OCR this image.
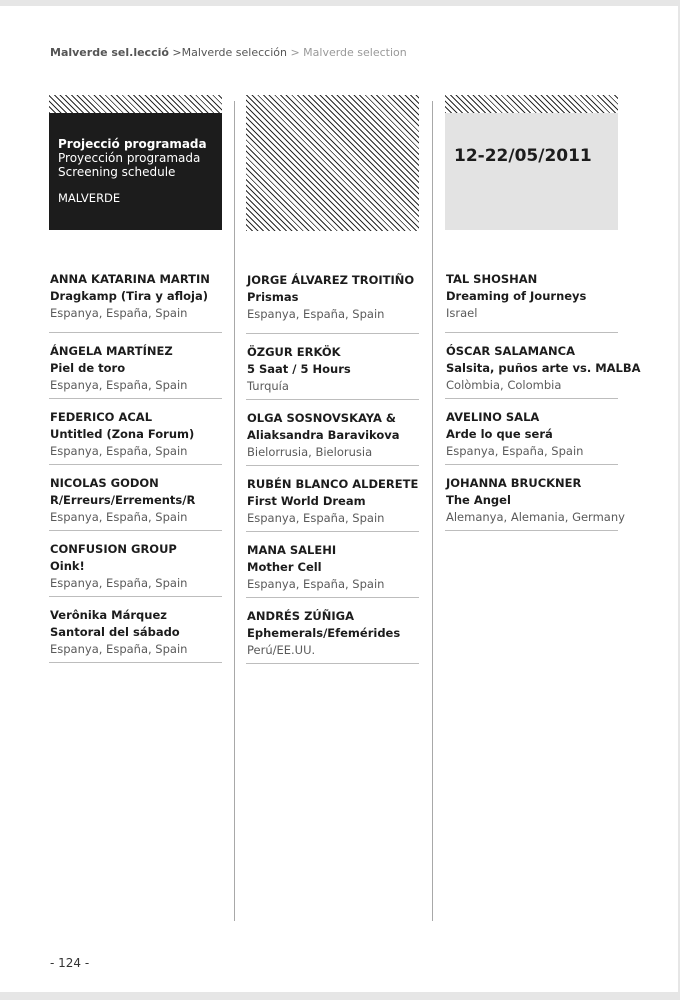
Malverde sel.lecció >Malverde selección > Malverde selection
Projecció programada
Proyección programada
Screening schedule
MALVERDE
ANNA KATARINA MARTIN
Dragkamp (Tira y afloja)
Espanya, España, Spain
ÁNGELA MARTÍNEZ
Piel de toro
Espanya, España, Spain
FEDERICO ACAL
Untitled (Zona Forum)
Espanya, España, Spain
NICOLAS GODON
R/Erreurs/Errements/R
Espanya, España, Spain
CONFUSION GROUP
Oink!
Espanya, España, Spain
Verônika Márquez
Santoral del sábado
Espanya, España, Spain
JORGE ÁLVAREZ TROITIÑO
Prismas
Espanya, España, Spain
ÖZGUR ERKÖK
5 Saat / 5 Hours
Turquía
OLGA SOSNOVSKAYA &
Aliaksandra Baravikova
Bielorrusia, Bielorusia
RUBÉN BLANCO ALDERETE
First World Dream
Espanya, España, Spain
MANA SALEHI
Mother Cell
Espanya, España, Spain
ANDRÉS ZÚÑIGA
Ephemerals/Efemérides
Perú/EE.UU.
12-22/05/2011
TAL SHOSHAN
Dreaming of Journeys
Israel
ÓSCAR SALAMANCA
Salsita, puños arte vs. MALBA
Colòmbia, Colombia
AVELINO SALA
Arde lo que será
Espanya, España, Spain
JOHANNA BRUCKNER
The Angel
Alemanya, Alemania, Germany
- 124 -
